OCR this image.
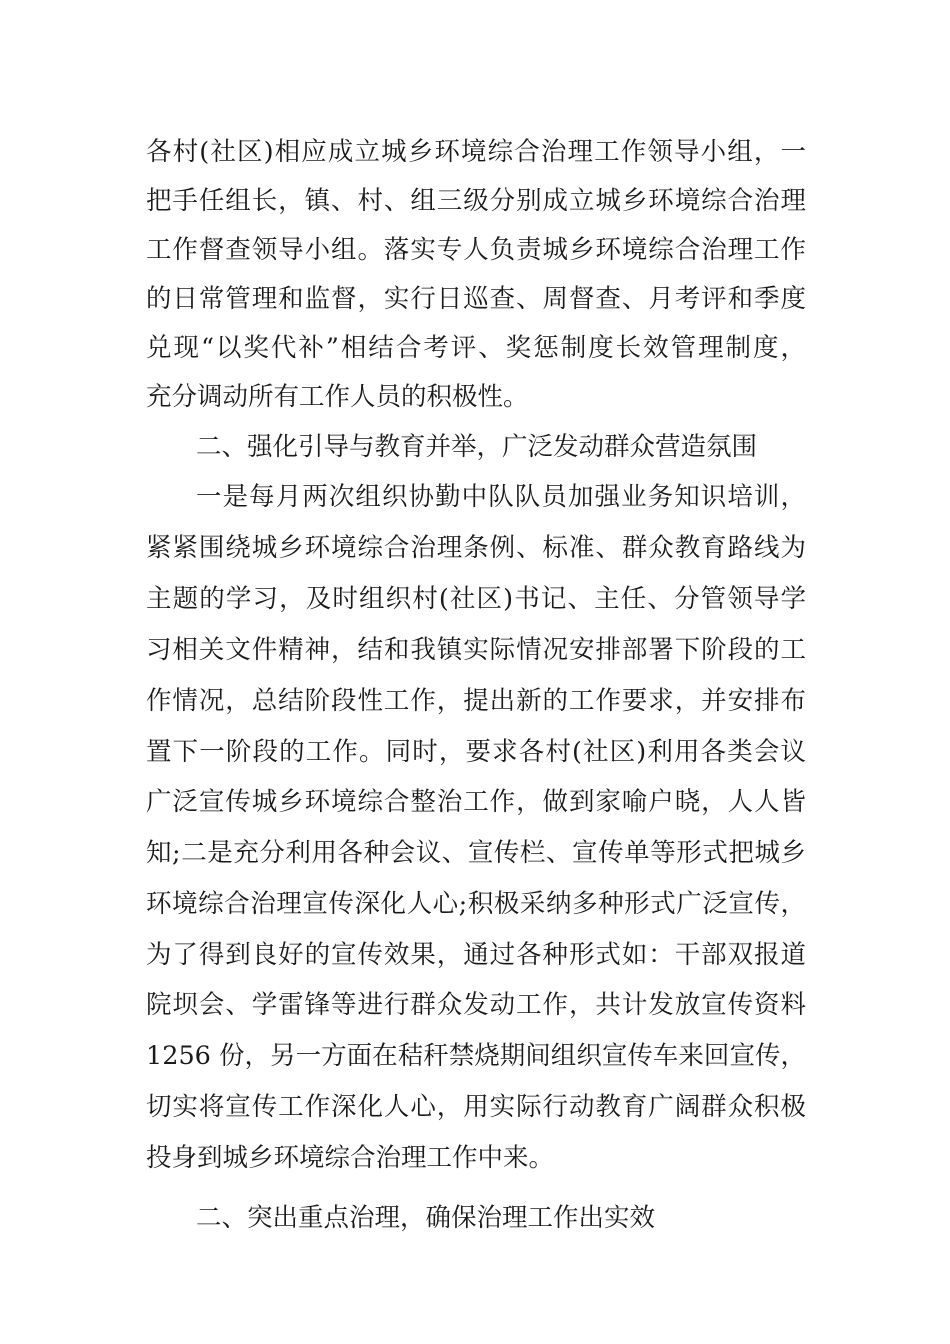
各村(社区)相应成立城乡环境综合治理工作领导小组，一
把手任组长，镇、村、组三级分别成立城乡环境综合治理
工作督查领导小组。落实专人负责城乡环境综合治理工作
的日常管理和监督，实行日巡查、周督查、月考评和季度
兑现“以奖代补”相结合考评、奖惩制度长效管理制度，
充分调动所有工作人员的积极性。
二、强化引导与教育并举，广泛发动群众营造氛围
一是每月两次组织协勤中队队员加强业务知识培训，
紧紧围绕城乡环境综合治理条例、标准、群众教育路线为
主题的学习，及时组织村(社区)书记、主任、分管领导学
习相关文件精神，结和我镇实际情况安排部署下阶段的工
作情况，总结阶段性工作，提出新的工作要求，并安排布
置下一阶段的工作。同时，要求各村(社区)利用各类会议
广泛宣传城乡环境综合整治工作，做到家喻户晓，人人皆
知;二是充分利用各种会议、宣传栏、宣传单等形式把城乡
环境综合治理宣传深化人心;积极采纳多种形式广泛宣传，
为了得到良好的宣传效果，通过各种形式如：干部双报道
院坝会、学雷锋等进行群众发动工作，共计发放宣传资料
1256 份，另一方面在秸秆禁烧期间组织宣传车来回宣传，
切实将宣传工作深化人心，用实际行动教育广阔群众积极
投身到城乡环境综合治理工作中来。
二、突出重点治理，确保治理工作出实效
